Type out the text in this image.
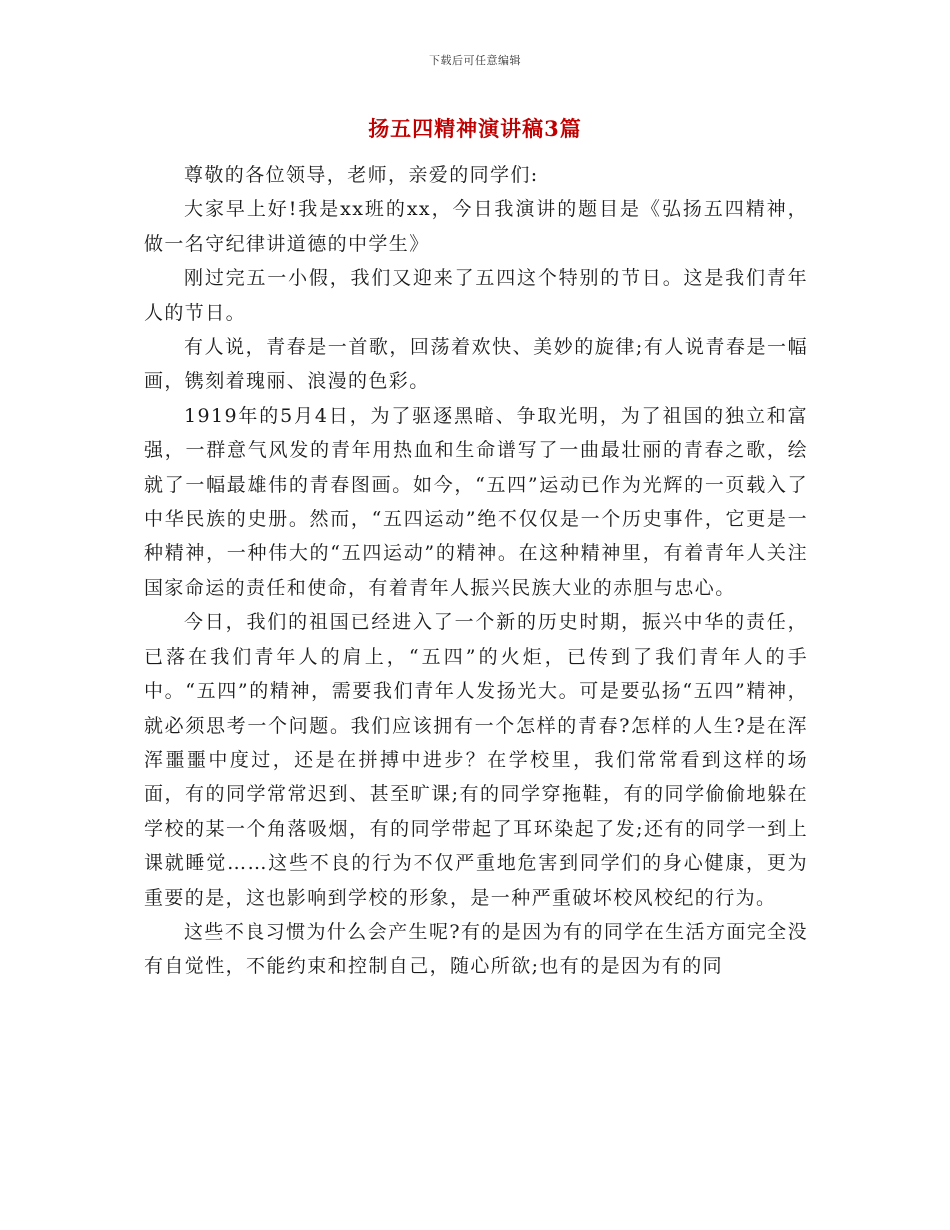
下载后可任意编辑
扬五四精神演讲稿3篇

尊敬的各位领导，老师，亲爱的同学们:

大家早上好!我是xx班的xx，今日我演讲的题目是《弘扬五四精神，做一名守纪律讲道德的中学生》

刚过完五一小假，我们又迎来了五四这个特别的节日。这是我们青年人的节日。

有人说，青春是一首歌，回荡着欢快、美妙的旋律;有人说青春是一幅画，镌刻着瑰丽、浪漫的色彩。

1919年的5月4日，为了驱逐黑暗、争取光明，为了祖国的独立和富强，一群意气风发的青年用热血和生命谱写了一曲最壮丽的青春之歌，绘就了一幅最雄伟的青春图画。如今，“五四”运动已作为光辉的一页载入了中华民族的史册。然而，“五四运动”绝不仅仅是一个历史事件，它更是一种精神，一种伟大的“五四运动”的精神。在这种精神里，有着青年人关注国家命运的责任和使命，有着青年人振兴民族大业的赤胆与忠心。

今日，我们的祖国已经进入了一个新的历史时期，振兴中华的责任，已落在我们青年人的肩上，“五四”的火炬，已传到了我们青年人的手中。“五四”的精神，需要我们青年人发扬光大。可是要弘扬“五四”精神，就必须思考一个问题。我们应该拥有一个怎样的青春?怎样的人生?是在浑浑噩噩中度过，还是在拼搏中进步？在学校里，我们常常看到这样的场面，有的同学常常迟到、甚至旷课;有的同学穿拖鞋，有的同学偷偷地躲在学校的某一个角落吸烟，有的同学带起了耳环染起了发;还有的同学一到上课就睡觉……这些不良的行为不仅严重地危害到同学们的身心健康，更为重要的是，这也影响到学校的形象，是一种严重破坏校风校纪的行为。

这些不良习惯为什么会产生呢?有的是因为有的同学在生活方面完全没有自觉性，不能约束和控制自己，随心所欲;也有的是因为有的同
